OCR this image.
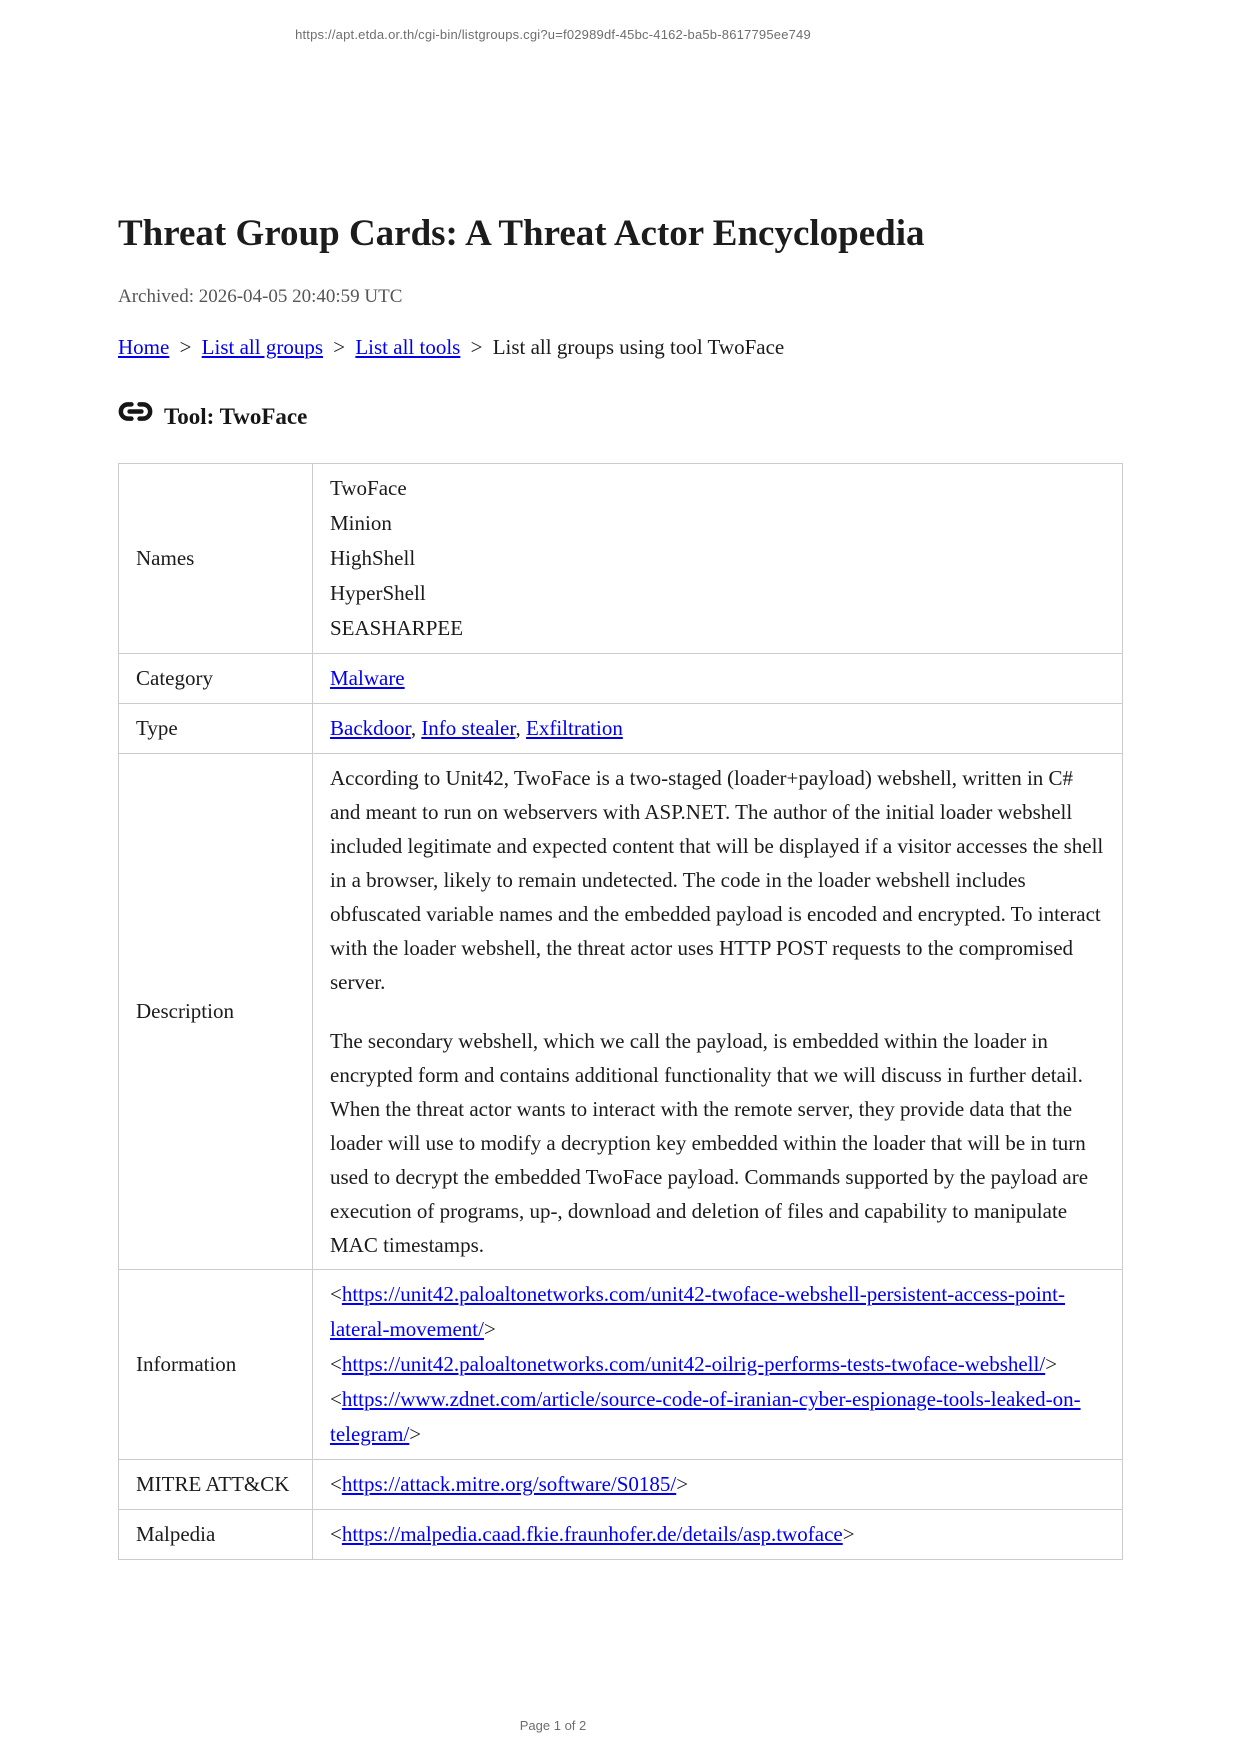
https://apt.etda.or.th/cgi-bin/listgroups.cgi?u=f02989df-45bc-4162-ba5b-8617795ee749
Threat Group Cards: A Threat Actor Encyclopedia
Archived: 2026-04-05 20:40:59 UTC
Home > List all groups > List all tools > List all groups using tool TwoFace
Tool: TwoFace
Names	TwoFace
Minion
HighShell
HyperShell
SEASHARPEE

Category	Malware
Type	Backdoor, Info stealer, Exfiltration
Description	According to Unit42, TwoFace is a two-staged (loader+payload) webshell, written in C# and meant to run on webservers with ASP.NET. The author of the initial loader webshell included legitimate and expected content that will be displayed if a visitor accesses the shell in a browser, likely to remain undetected. The code in the loader webshell includes obfuscated variable names and the embedded payload is encoded and encrypted. To interact with the loader webshell, the threat actor uses HTTP POST requests to the compromised server.

The secondary webshell, which we call the payload, is embedded within the loader in encrypted form and contains additional functionality that we will discuss in further detail. When the threat actor wants to interact with the remote server, they provide data that the loader will use to modify a decryption key embedded within the loader that will be in turn used to decrypt the embedded TwoFace payload. Commands supported by the payload are execution of programs, up-, download and deletion of files and capability to manipulate MAC timestamps.

Information	<https://unit42.paloaltonetworks.com/unit42-twoface-webshell-persistent-access-point-lateral-movement/>
<https://unit42.paloaltonetworks.com/unit42-oilrig-performs-tests-twoface-webshell/>
<https://www.zdnet.com/article/source-code-of-iranian-cyber-espionage-tools-leaked-on-telegram/>

MITRE ATT&CK	<https://attack.mitre.org/software/S0185/>
Malpedia	<https://malpedia.caad.fkie.fraunhofer.de/details/asp.twoface>
Page 1 of 2
